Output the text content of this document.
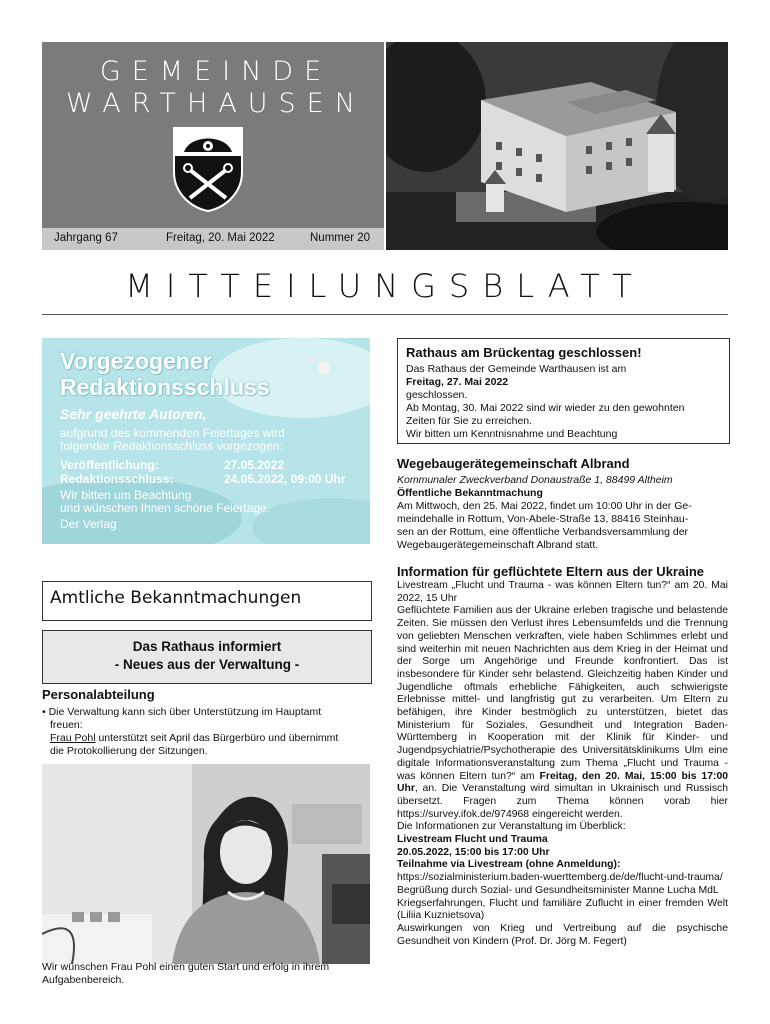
GEMEINDE
WARTHAUSEN
Jahrgang 67	Freitag, 20. Mai 2022	Nummer 20
MITTEILUNGSBLATT
Vorgezogener
Redaktionsschluss
Sehr geehrte Autoren,
aufgrund des kommenden Feiertages wird
folgender Redaktionsschluss vorgezogen:
Veröffentlichung:	27.05.2022
Redaktionsschluss:	24.05.2022, 09:00 Uhr
Wir bitten um Beachtung
und wünschen Ihnen schöne Feiertage.
Der Verlag
Amtliche Bekanntmachungen
Das Rathaus informiert
- Neues aus der Verwaltung -
Personalabteilung
• Die Verwaltung kann sich über Unterstützung im Hauptamt
freuen:
Frau Pohl unterstützt seit April das Bürgerbüro und übernimmt
die Protokollierung der Sitzungen.
Wir wünschen Frau Pohl einen guten Start und erfolg in ihrem
Aufgabenbereich.
Rathaus am Brückentag geschlossen!
Das Rathaus der Gemeinde Warthausen ist am
Freitag, 27. Mai 2022
geschlossen.
Ab Montag, 30. Mai 2022 sind wir wieder zu den gewohnten
Zeiten für Sie zu erreichen.
Wir bitten um Kenntnisnahme und Beachtung
Wegebaugerätegemeinschaft Albrand
Kommunaler Zweckverband Donaustraße 1, 88499 Altheim
Öffentliche Bekanntmachung
Am Mittwoch, den 25. Mai 2022, findet um 10:00 Uhr in der Ge-
meindehalle in Rottum, Von-Abele-Straße 13, 88416 Steinhau-
sen an der Rottum, eine öffentliche Verbandsversammlung der
Wegebaugerätegemeinschaft Albrand statt.
Information für geflüchtete Eltern aus der Ukraine

Livestream „Flucht und Trauma - was können Eltern tun?“ am 20. Mai 2022, 15 Uhr

Geflüchtete Familien aus der Ukraine erleben tragische und belastende Zeiten. Sie müssen den Verlust ihres Lebensumfelds und die Trennung von geliebten Menschen verkraften, viele haben Schlimmes erlebt und sind weiterhin mit neuen Nachrichten aus dem Krieg in der Heimat und der Sorge um Angehörige und Freunde konfrontiert. Das ist insbesondere für Kinder sehr belastend. Gleichzeitig haben Kinder und Jugendliche oftmals erhebliche Fähigkeiten, auch schwierigste Erlebnisse mittel- und langfristig gut zu verarbeiten. Um Eltern zu befähigen, ihre Kinder bestmöglich zu unterstützen, bietet das Ministerium für Soziales, Gesundheit und Integration Baden-Württemberg in Kooperation mit der Klinik für Kinder- und Jugendpsychiatrie/Psychotherapie des Universitätsklinikums Ulm eine digitale Informationsveranstaltung zum Thema „Flucht und Trauma - was können Eltern tun?“ am Freitag, den 20. Mai, 15:00 bis 17:00 Uhr, an. Die Veranstaltung wird simultan in Ukrainisch und Russisch übersetzt. Fragen zum Thema können vorab hier https://survey.ifok.de/974968 eingereicht werden.

Die Informationen zur Veranstaltung im Überblick:

Livestream Flucht und Trauma

20.05.2022, 15:00 bis 17:00 Uhr

Teilnahme via Livestream (ohne Anmeldung):

https://sozialministerium.baden-wuerttemberg.de/de/flucht-und-trauma/

Begrüßung durch Sozial- und Gesundheitsminister Manne Lucha MdL

Kriegserfahrungen, Flucht und familiäre Zuflucht in einer fremden Welt (Liliia Kuznietsova)

Auswirkungen von Krieg und Vertreibung auf die psychische Gesundheit von Kindern (Prof. Dr. Jörg M. Fegert)
